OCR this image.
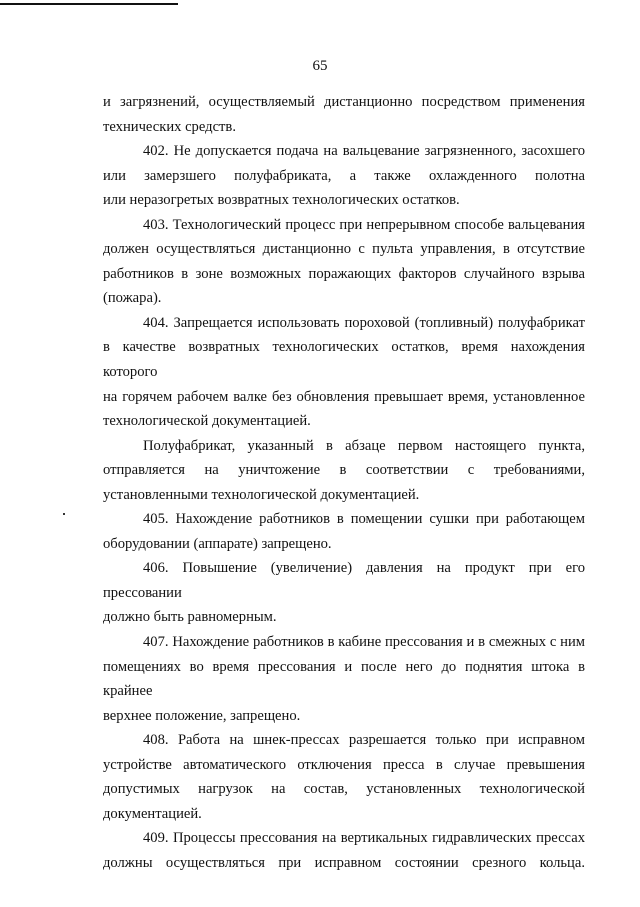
65

и загрязнений, осуществляемый дистанционно посредством применения

технических средств.

402. Не допускается подача на вальцевание загрязненного, засохшего

или замерзшего полуфабриката, а также охлажденного полотна

или неразогретых возвратных технологических остатков.

403. Технологический процесс при непрерывном способе вальцевания

должен осуществляться дистанционно с пульта управления, в отсутствие

работников в зоне возможных поражающих факторов случайного взрыва

(пожара).

404. Запрещается использовать пороховой (топливный) полуфабрикат

в качестве возвратных технологических остатков, время нахождения которого

на горячем рабочем валке без обновления превышает время, установленное

технологической документацией.

Полуфабрикат, указанный в абзаце первом настоящего пункта,

отправляется на уничтожение в соответствии с требованиями,

установленными технологической документацией.

405. Нахождение работников в помещении сушки при работающем

оборудовании (аппарате) запрещено.

406. Повышение (увеличение) давления на продукт при его прессовании

должно быть равномерным.

407. Нахождение работников в кабине прессования и в смежных с ним

помещениях во время прессования и после него до поднятия штока в крайнее

верхнее положение, запрещено.

408. Работа на шнек-прессах разрешается только при исправном

устройстве автоматического отключения пресса в случае превышения

допустимых нагрузок на состав, установленных технологической

документацией.

409. Процессы прессования на вертикальных гидравлических прессах

должны осуществляться при исправном состоянии срезного кольца.
